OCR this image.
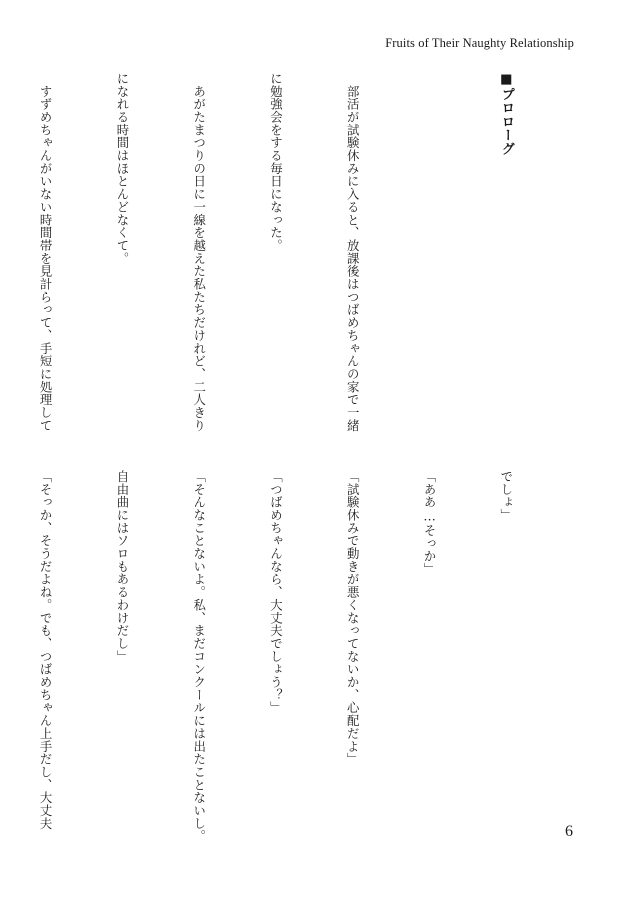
Fruits of Their Naughty Relationship

■プロローグ

　部活が試験休みに入ると、放課後はつばめちゃんの家で一緒

に勉強会をする毎日になった。

　あがたまつりの日に一線を越えた私たちだけれど、二人きり

になれる時間はほとんどなくて。

　すずめちゃんがいない時間帯を見計らって、手短に処理して

でしょ」

「ああ…そっか」

「試験休みで動きが悪くなってないか、心配だよ」

「つばめちゃんなら、大丈夫でしょう？」

「そんなことないよ。私、まだコンクールには出たことないし。

自由曲にはソロもあるわけだし」

「そっか、そうだよね。でも、つばめちゃん上手だし、大丈夫

6
